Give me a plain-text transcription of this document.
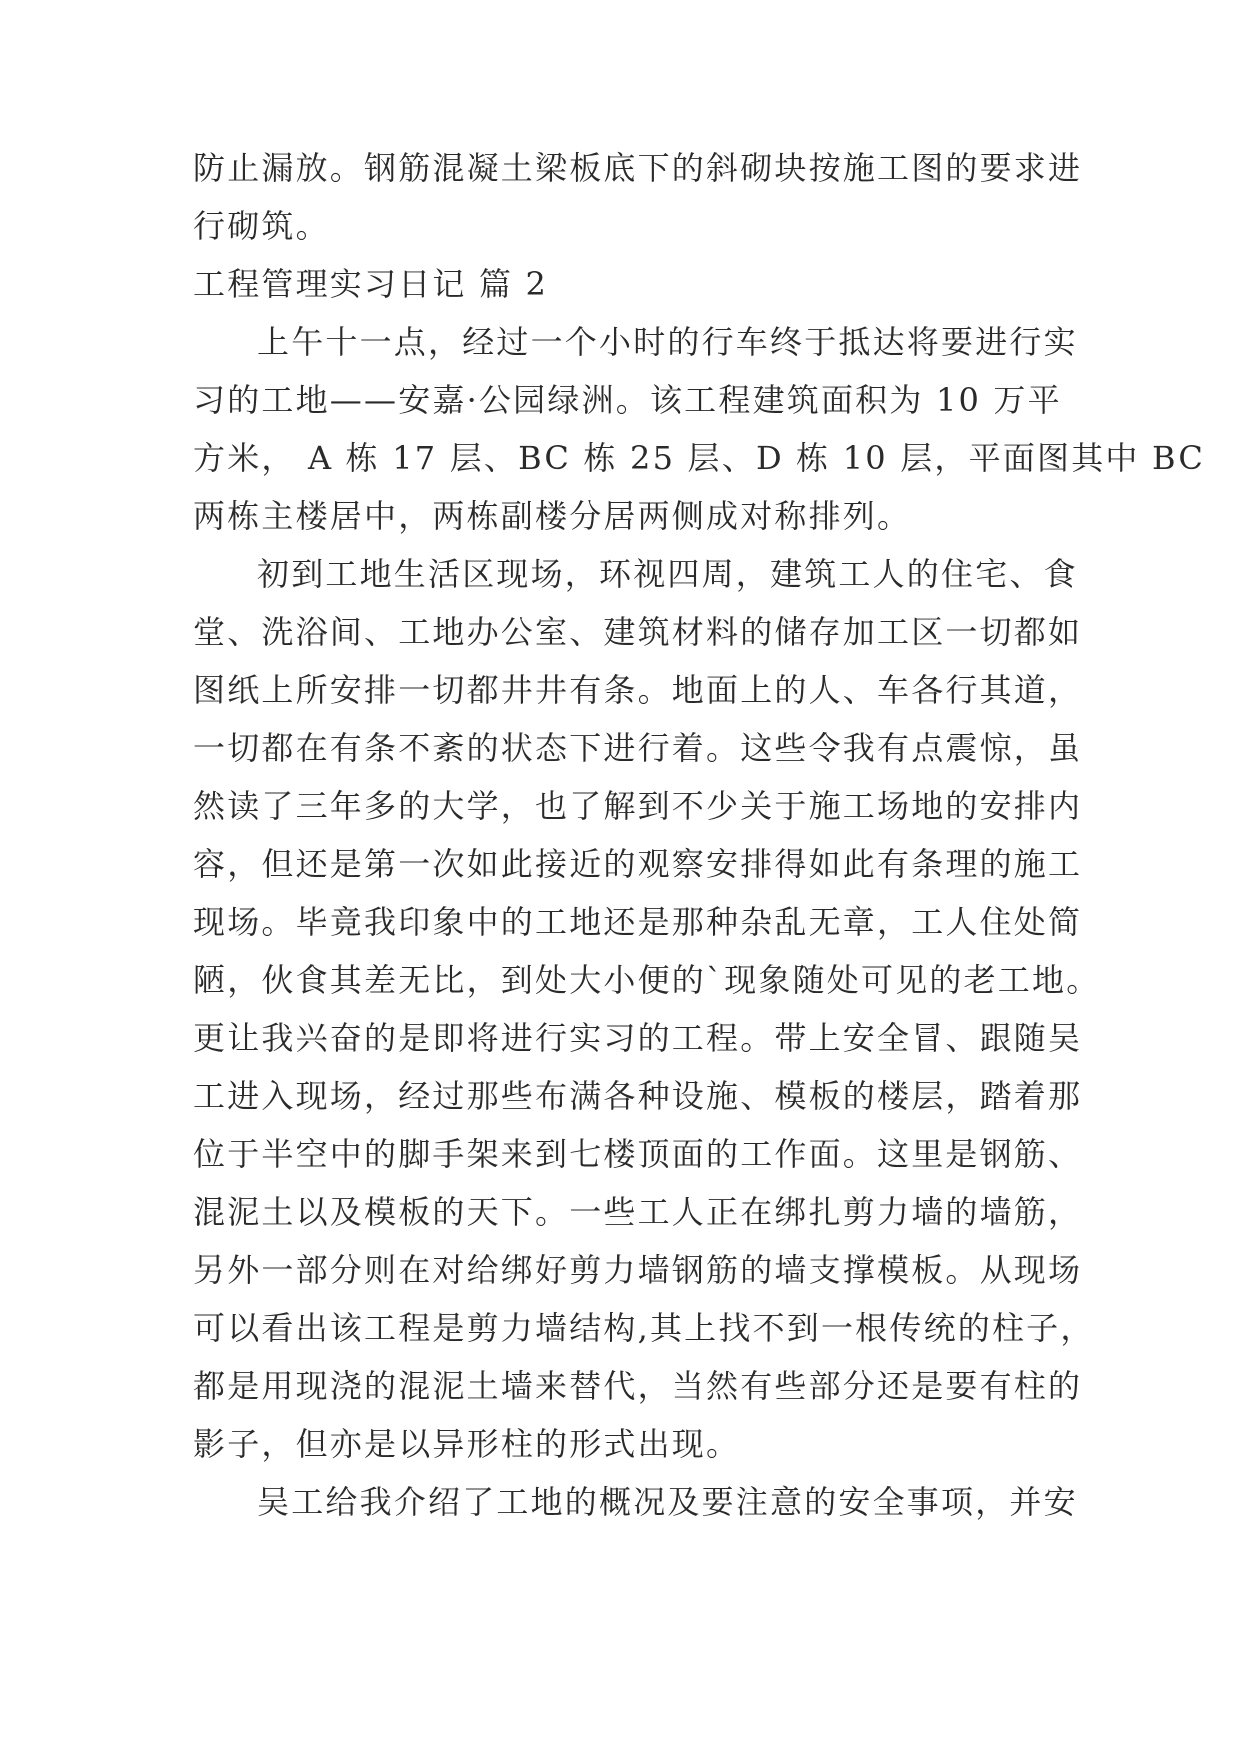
防止漏放。钢筋混凝土梁板底下的斜砌块按施工图的要求进
行砌筑。
工程管理实习日记 篇 2
上午十一点，经过一个小时的行车终于抵达将要进行实
习的工地——安嘉·公园绿洲。该工程建筑面积为 10 万平
方米， A 栋 17 层、BC 栋 25 层、D 栋 10 层，平面图其中 BC
两栋主楼居中，两栋副楼分居两侧成对称排列。
初到工地生活区现场，环视四周，建筑工人的住宅、食
堂、洗浴间、工地办公室、建筑材料的储存加工区一切都如
图纸上所安排一切都井井有条。地面上的人、车各行其道，
一切都在有条不紊的状态下进行着。这些令我有点震惊，虽
然读了三年多的大学，也了解到不少关于施工场地的安排内
容，但还是第一次如此接近的观察安排得如此有条理的施工
现场。毕竟我印象中的工地还是那种杂乱无章，工人住处简
陋，伙食其差无比，到处大小便的`现象随处可见的老工地。
更让我兴奋的是即将进行实习的工程。带上安全冒、跟随吴
工进入现场，经过那些布满各种设施、模板的楼层，踏着那
位于半空中的脚手架来到七楼顶面的工作面。这里是钢筋、
混泥土以及模板的天下。一些工人正在绑扎剪力墙的墙筋，
另外一部分则在对给绑好剪力墙钢筋的墙支撑模板。从现场
可以看出该工程是剪力墙结构,其上找不到一根传统的柱子，
都是用现浇的混泥土墙来替代，当然有些部分还是要有柱的
影子，但亦是以异形柱的形式出现。
吴工给我介绍了工地的概况及要注意的安全事项，并安
